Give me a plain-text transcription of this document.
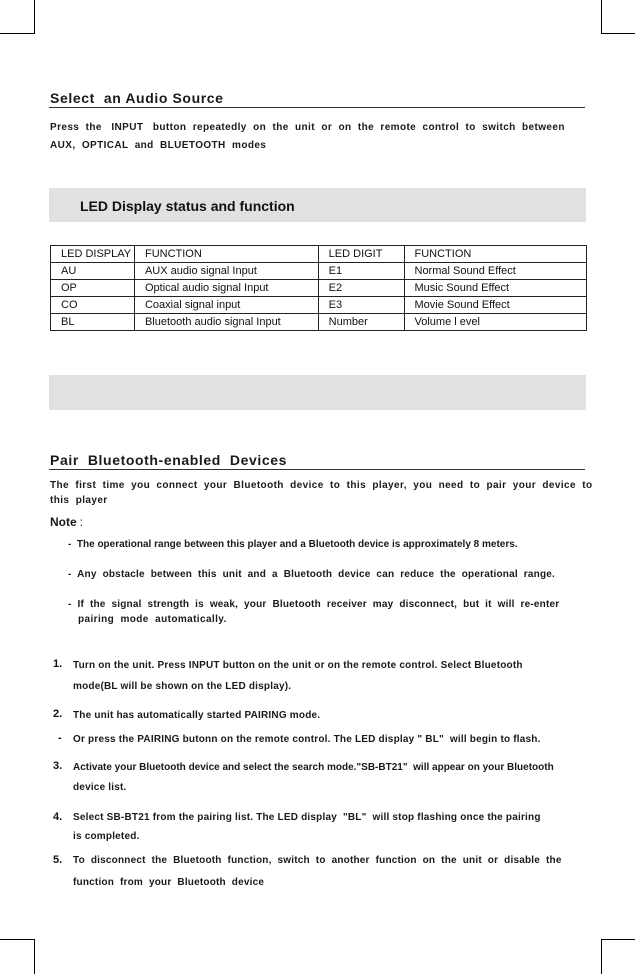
Select  an Audio Source
Press  the   INPUT   button  repeatedly  on  the  unit  or  on  the  remote  control  to  switch  between
AUX,  OPTICAL  and  BLUETOOTH  modes
LED Display status and function
LED DISPLAY	FUNCTION	LED DIGIT	FUNCTION
AU	AUX audio signal Input	E1	Normal Sound Effect
OP	Optical audio signal Input	E2	Music Sound Effect
CO	Coaxial signal input	E3	Movie Sound Effect
BL	Bluetooth audio signal Input	Number	Volume l evel
Pair  Bluetooth-enabled  Devices
The  first  time  you  connect  your  Bluetooth  device  to  this  player,  you  need  to  pair  your  device  to
this  player
Note :
-  The operational range between this player and a Bluetooth device is approximately 8 meters.
-  Any  obstacle  between  this  unit  and  a  Bluetooth  device  can  reduce  the  operational  range.
-  If  the  signal  strength  is  weak,  your  Bluetooth  receiver  may  disconnect,  but  it  will  re-enter
pairing  mode  automatically.
1. Turn on the unit. Press INPUT button on the unit or on the remote control. Select Bluetooth
mode(BL will be shown on the LED display).
2. The unit has automatically started PAIRING mode.
- Or press the PAIRING butonn on the remote control. The LED display " BL"  will begin to flash.
3. Activate your Bluetooth device and select the search mode."SB-BT21"  will appear on your Bluetooth
device list.
4. Select SB-BT21 from the pairing list. The LED display  "BL"  will stop flashing once the pairing
is completed.
5. To  disconnect  the  Bluetooth  function,  switch  to  another  function  on  the  unit  or  disable  the
function  from  your  Bluetooth  device
